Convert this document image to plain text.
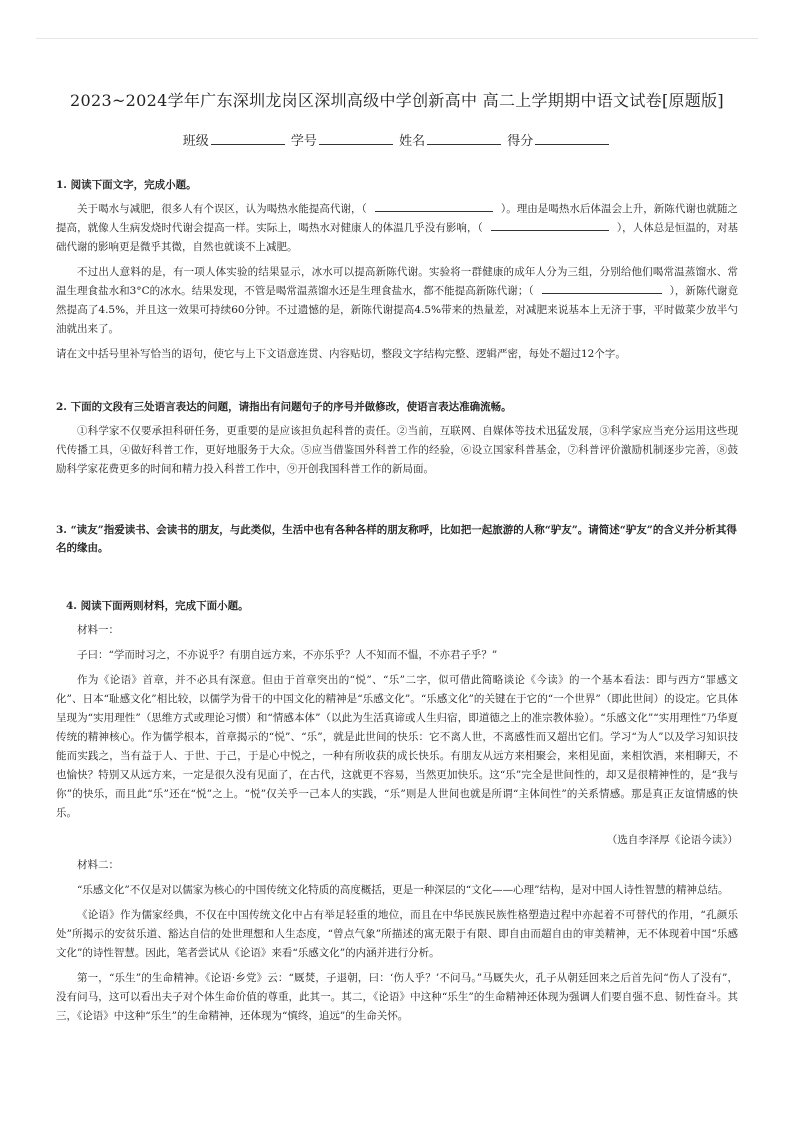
2023~2024学年广东深圳龙岗区深圳高级中学创新高中 高二上学期期中语文试卷[原题版]
班级	学号	姓名	得分
1. 阅读下面文字，完成小题。

关于喝水与减肥，很多人有个误区，认为喝热水能提高代谢，（	）。理由是喝热水后体温会上升，新陈代谢也就随之提高，就像人生病发烧时代谢会提高一样。实际上，喝热水对健康人的体温几乎没有影响，（	），人体总是恒温的，对基础代谢的影响更是微乎其微，自然也就谈不上减肥。

不过出人意料的是，有一项人体实验的结果显示，冰水可以提高新陈代谢。实验将一群健康的成年人分为三组，分别给他们喝常温蒸馏水、常温生理食盐水和3°C的冰水。结果发现，不管是喝常温蒸馏水还是生理食盐水，都不能提高新陈代谢；（	），新陈代谢竟然提高了4.5%，并且这一效果可持续60分钟。不过遗憾的是，新陈代谢提高4.5%带来的热量差，对减肥来说基本上无济于事，平时做菜少放半勺油就出来了。

请在文中括号里补写恰当的语句，使它与上下文语意连贯、内容贴切，整段文字结构完整、逻辑严密，每处不超过12个字。

2. 下面的文段有三处语言表达的问题，请指出有问题句子的序号并做修改，使语言表达准确流畅。

①科学家不仅要承担科研任务，更重要的是应该担负起科普的责任。②当前，互联网、自媒体等技术迅猛发展，③科学家应当充分运用这些现代传播工具，④做好科普工作，更好地服务于大众。⑤应当借鉴国外科普工作的经验，⑥设立国家科普基金，⑦科普评价激励机制逐步完善，⑧鼓励科学家花费更多的时间和精力投入科普工作中，⑨开创我国科普工作的新局面。

3. “读友”指爱读书、会读书的朋友，与此类似，生活中也有各种各样的朋友称呼，比如把一起旅游的人称“驴友”。请简述“驴友”的含义并分析其得名的缘由。
4. 阅读下面两则材料，完成下面小题。

材料一：

子曰：“学而时习之，不亦说乎？有朋自远方来，不亦乐乎？人不知而不愠，不亦君子乎？”

作为《论语》首章，并不必具有深意。但由于首章突出的“悦”、“乐”二字，似可借此简略谈论《今读》的一个基本看法：即与西方“罪感文化”、日本“耻感文化”相比较，以儒学为骨干的中国文化的精神是“乐感文化”。“乐感文化”的关键在于它的“一个世界”（即此世间）的设定。它具体呈现为“实用理性”（思维方式或理论习惯）和“情感本体”（以此为生活真谛或人生归宿，即道德之上的准宗教体验）。“乐感文化”“实用理性”乃华夏传统的精神核心。作为儒学根本，首章揭示的“悦”、“乐”，就是此世间的快乐：它不离人世，不离感性而又超出它们。学习“为人”以及学习知识技能而实践之，当有益于人、于世、于己，于是心中悦之，一种有所收获的成长快乐。有朋友从远方来相聚会，来相见面，来相饮酒，来相聊天，不也愉快？特别又从远方来，一定是很久没有见面了，在古代，这就更不容易，当然更加快乐。这“乐”完全是世间性的，却又是很精神性的，是“我与你”的快乐，而且此“乐”还在“悦”之上。“悦”仅关乎一己本人的实践，“乐”则是人世间也就是所谓“主体间性”的关系情感。那是真正友谊情感的快乐。

（选自李泽厚《论语今读》）

材料二：

“乐感文化”不仅是对以儒家为核心的中国传统文化特质的高度概括，更是一种深层的“文化——心理”结构，是对中国人诗性智慧的精神总结。

《论语》作为儒家经典，不仅在中国传统文化中占有举足轻重的地位，而且在中华民族民族性格塑造过程中亦起着不可替代的作用，“孔颜乐处”所揭示的安贫乐道、豁达自信的处世理想和人生态度，“曾点气象”所描述的寓无限于有限、即自由而超自由的审美精神，无不体现着中国“乐感文化”的诗性智慧。因此，笔者尝试从《论语》来看“乐感文化”的内涵并进行分析。

第一，“乐生”的生命精神。《论语·乡党》云：“厩焚，子退朝，曰：‘伤人乎？’不问马。”马厩失火，孔子从朝廷回来之后首先问“伤人了没有”，没有问马，这可以看出夫子对个体生命价值的尊重，此其一。其二，《论语》中这种“乐生”的生命精神还体现为强调人们要自强不息、韧性奋斗。其三，《论语》中这种“乐生”的生命精神，还体现为“慎终，追远”的生命关怀。
